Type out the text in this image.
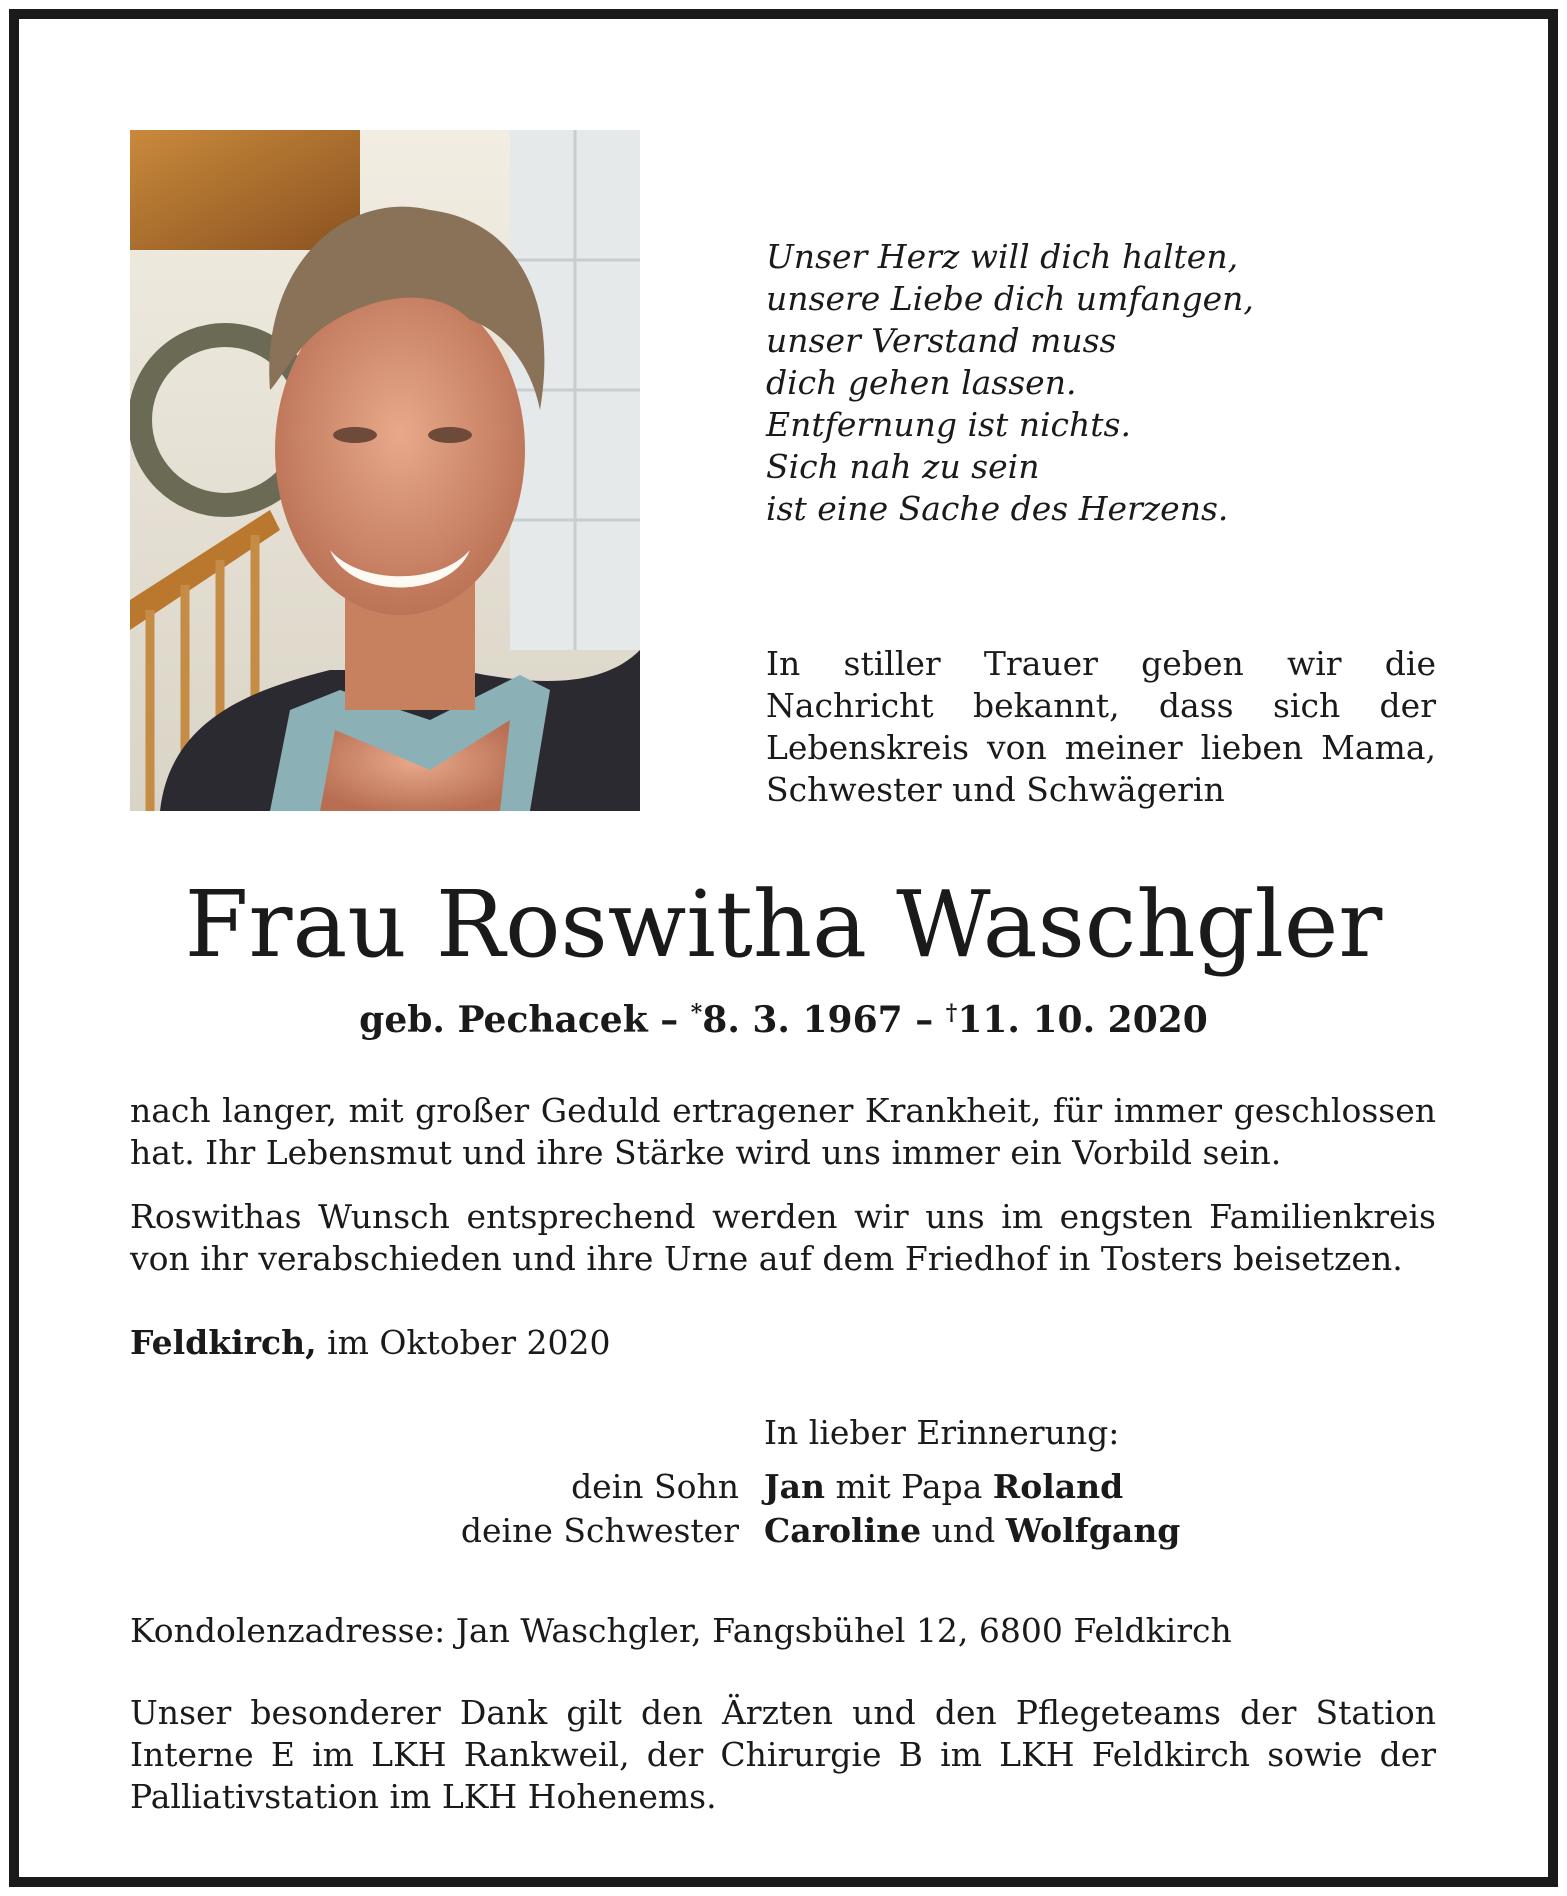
Unser Herz will dich halten,
unsere Liebe dich umfangen,
unser Verstand muss
dich gehen lassen.
Entfernung ist nichts.
Sich nah zu sein
ist eine Sache des Herzens.
In stiller Trauer geben wir die Nachricht bekannt, dass sich der Lebenskreis von meiner lieben Mama, Schwester und Schwägerin
Frau Roswitha Waschgler
geb. Pechacek – *8. 3. 1967 – †11. 10. 2020
nach langer, mit großer Geduld ertragener Krankheit, für immer geschlossen hat. Ihr Lebensmut und ihre Stärke wird uns immer ein Vorbild sein.
Roswithas Wunsch entsprechend werden wir uns im engsten Familienkreis von ihr verabschieden und ihre Urne auf dem Friedhof in Tosters beisetzen.
Feldkirch, im Oktober 2020
In lieber Erinnerung:
dein Sohn Jan mit Papa Roland
deine Schwester Caroline und Wolfgang
Kondolenzadresse: Jan Waschgler, Fangsbühel 12, 6800 Feldkirch
Unser besonderer Dank gilt den Ärzten und den Pflegeteams der Station Interne E im LKH Rankweil, der Chirurgie B im LKH Feldkirch sowie der Palliativstation im LKH Hohenems.
